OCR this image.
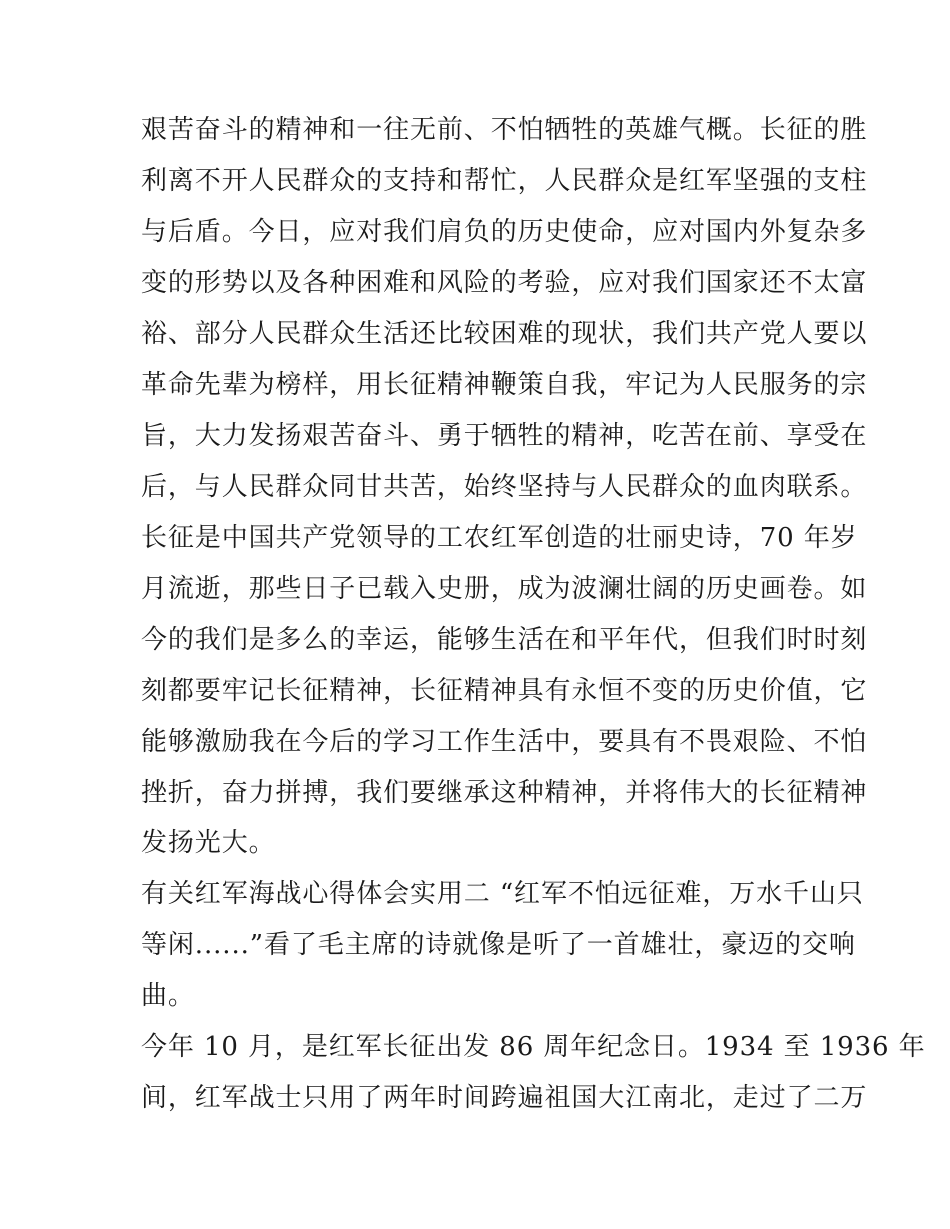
艰苦奋斗的精神和一往无前、不怕牺牲的英雄气概。长征的胜
利离不开人民群众的支持和帮忙，人民群众是红军坚强的支柱
与后盾。今日，应对我们肩负的历史使命，应对国内外复杂多
变的形势以及各种困难和风险的考验，应对我们国家还不太富
裕、部分人民群众生活还比较困难的现状，我们共产党人要以
革命先辈为榜样，用长征精神鞭策自我，牢记为人民服务的宗
旨，大力发扬艰苦奋斗、勇于牺牲的精神，吃苦在前、享受在
后，与人民群众同甘共苦，始终坚持与人民群众的血肉联系。
长征是中国共产党领导的工农红军创造的壮丽史诗，70 年岁
月流逝，那些日子已载入史册，成为波澜壮阔的历史画卷。如
今的我们是多么的幸运，能够生活在和平年代，但我们时时刻
刻都要牢记长征精神，长征精神具有永恒不变的历史价值，它
能够激励我在今后的学习工作生活中，要具有不畏艰险、不怕
挫折，奋力拼搏，我们要继承这种精神，并将伟大的长征精神
发扬光大。
有关红军海战心得体会实用二 “红军不怕远征难，万水千山只
等闲......”看了毛主席的诗就像是听了一首雄壮，豪迈的交响
曲。
今年 10 月，是红军长征出发 86 周年纪念日。1934 至 1936 年
间，红军战士只用了两年时间跨遍祖国大江南北，走过了二万
